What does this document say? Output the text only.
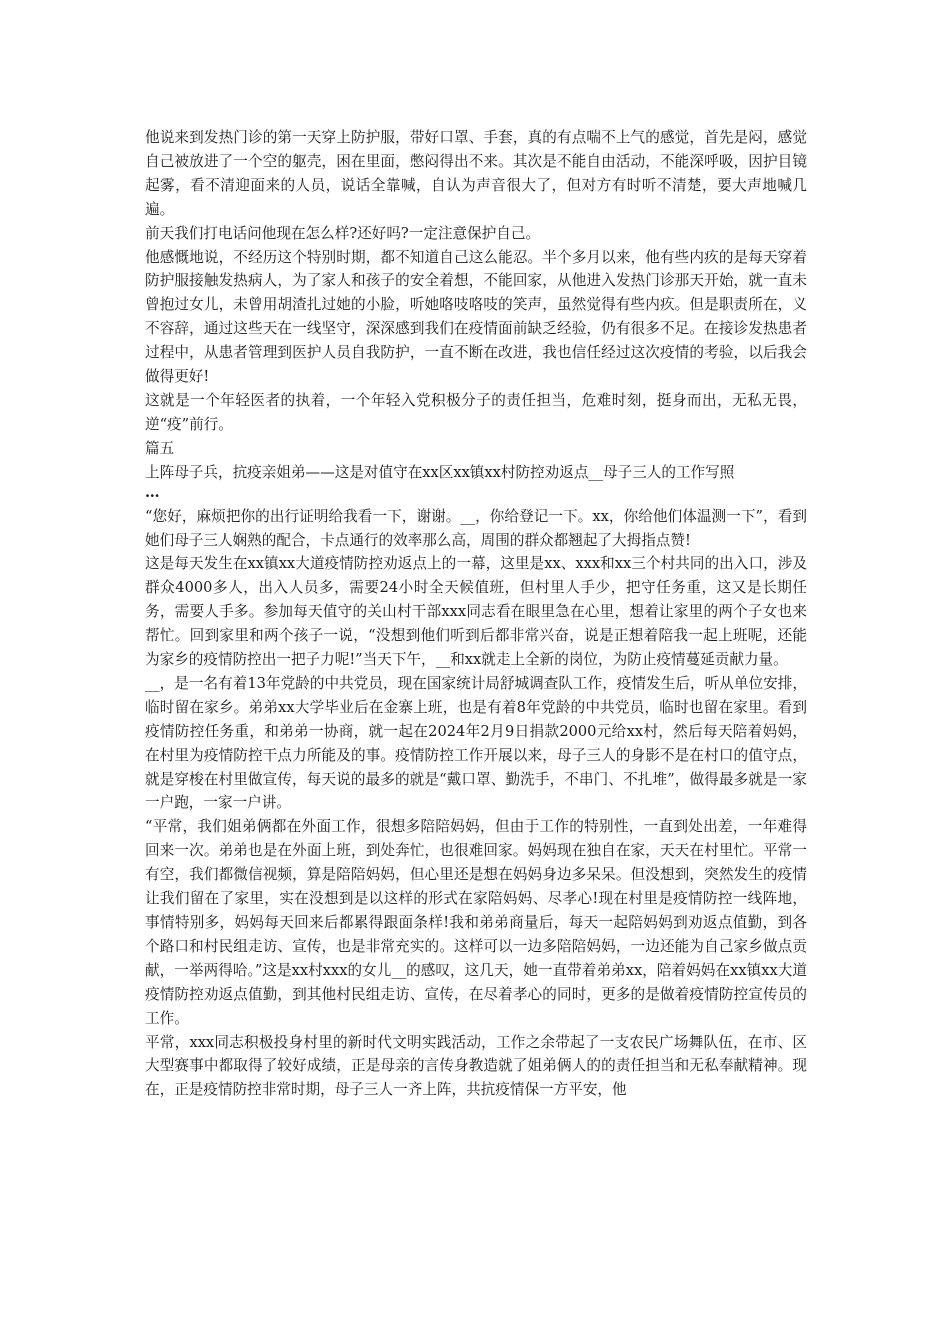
他说来到发热门诊的第一天穿上防护服，带好口罩、手套，真的有点喘不上气的感觉，首先是闷，感觉自己被放进了一个空的躯壳，困在里面，憋闷得出不来。其次是不能自由活动，不能深呼吸，因护目镜起雾，看不清迎面来的人员，说话全靠喊，自认为声音很大了，但对方有时听不清楚，要大声地喊几遍。

前天我们打电话问他现在怎么样?还好吗?一定注意保护自己。

他感慨地说，不经历这个特别时期，都不知道自己这么能忍。半个多月以来，他有些内疚的是每天穿着防护服接触发热病人，为了家人和孩子的安全着想，不能回家，从他进入发热门诊那天开始，就一直未曾抱过女儿，未曾用胡渣扎过她的小脸，听她咯吱咯吱的笑声，虽然觉得有些内疚。但是职责所在，义不容辞，通过这些天在一线坚守，深深感到我们在疫情面前缺乏经验，仍有很多不足。在接诊发热患者过程中，从患者管理到医护人员自我防护，一直不断在改进，我也信任经过这次疫情的考验，以后我会做得更好!

这就是一个年轻医者的执着，一个年轻入党积极分子的责任担当，危难时刻，挺身而出，无私无畏，逆“疫”前行。

篇五

上阵母子兵，抗疫亲姐弟——这是对值守在xx区xx镇xx村防控劝返点__母子三人的工作写照

…

“您好，麻烦把你的出行证明给我看一下，谢谢。__，你给登记一下。xx，你给他们体温测一下”，看到她们母子三人娴熟的配合，卡点通行的效率那么高，周围的群众都翘起了大拇指点赞!

这是每天发生在xx镇xx大道疫情防控劝返点上的一幕，这里是xx、xxx和xx三个村共同的出入口，涉及群众4000多人，出入人员多，需要24小时全天候值班，但村里人手少，把守任务重，这又是长期任务，需要人手多。参加每天值守的关山村干部xxx同志看在眼里急在心里，想着让家里的两个子女也来帮忙。回到家里和两个孩子一说，“没想到他们听到后都非常兴奋，说是正想着陪我一起上班呢，还能为家乡的疫情防控出一把子力呢!”当天下午，__和xx就走上全新的岗位，为防止疫情蔓延贡献力量。

__，是一名有着13年党龄的中共党员，现在国家统计局舒城调查队工作，疫情发生后，听从单位安排，临时留在家乡。弟弟xx大学毕业后在金寨上班，也是有着8年党龄的中共党员，临时也留在家里。看到疫情防控任务重，和弟弟一协商，就一起在2024年2月9日捐款2000元给xx村，然后每天陪着妈妈，在村里为疫情防控干点力所能及的事。疫情防控工作开展以来，母子三人的身影不是在村口的值守点，就是穿梭在村里做宣传，每天说的最多的就是“戴口罩、勤洗手，不串门、不扎堆”，做得最多就是一家一户跑，一家一户讲。

“平常，我们姐弟俩都在外面工作，很想多陪陪妈妈，但由于工作的特别性，一直到处出差，一年难得回来一次。弟弟也是在外面上班，到处奔忙，也很难回家。妈妈现在独自在家，天天在村里忙。平常一有空，我们都微信视频，算是陪陪妈妈，但心里还是想在妈妈身边多呆呆。但没想到，突然发生的疫情让我们留在了家里，实在没想到是以这样的形式在家陪妈妈、尽孝心!现在村里是疫情防控一线阵地，事情特别多，妈妈每天回来后都累得跟面条样!我和弟弟商量后，每天一起陪妈妈到劝返点值勤，到各个路口和村民组走访、宣传，也是非常充实的。这样可以一边多陪陪妈妈，一边还能为自己家乡做点贡献，一举两得哈。”这是xx村xxx的女儿__的感叹，这几天，她一直带着弟弟xx，陪着妈妈在xx镇xx大道疫情防控劝返点值勤，到其他村民组走访、宣传，在尽着孝心的同时，更多的是做着疫情防控宣传员的工作。

平常，xxx同志积极投身村里的新时代文明实践活动，工作之余带起了一支农民广场舞队伍，在市、区大型赛事中都取得了较好成绩，正是母亲的言传身教造就了姐弟俩人的的责任担当和无私奉献精神。现在，正是疫情防控非常时期，母子三人一齐上阵，共抗疫情保一方平安，他
